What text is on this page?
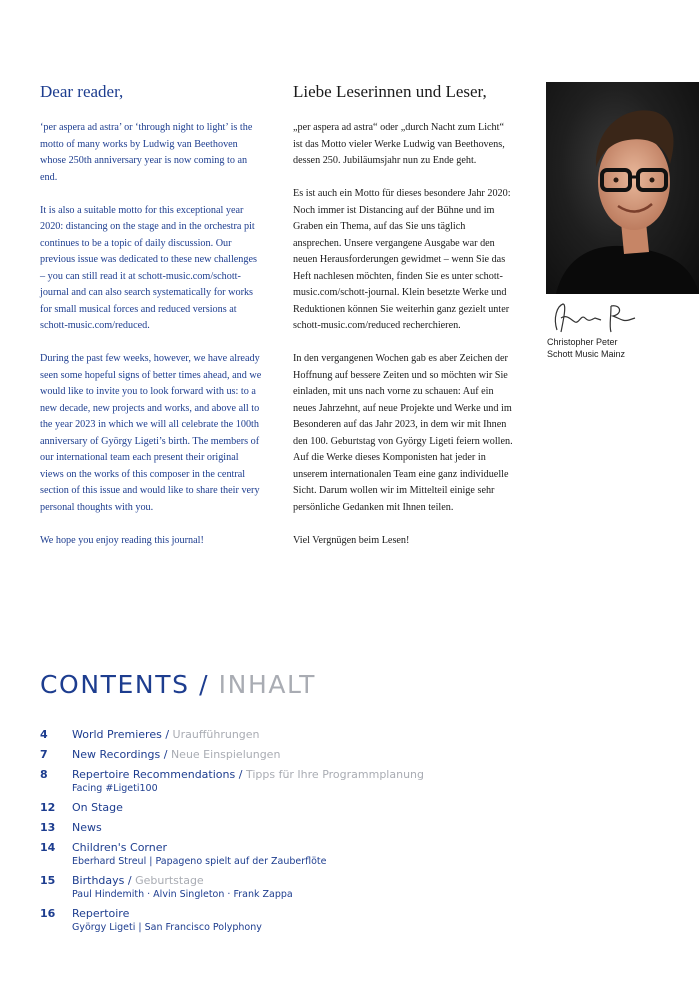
Dear reader,

‘per aspera ad astra’ or ‘through night to light’ is the motto of many works by Ludwig van Beethoven whose 250th anniversary year is now coming to an end.

It is also a suitable motto for this exceptional year 2020: distancing on the stage and in the orchestra pit continues to be a topic of daily discussion. Our previous issue was dedicated to these new challenges – you can still read it at schott-music.com/schott-journal and can also search systematically for works for small musical forces and reduced versions at schott-music.com/reduced.

During the past few weeks, however, we have already seen some hopeful signs of better times ahead, and we would like to invite you to look forward with us: to a new decade, new projects and works, and above all to the year 2023 in which we will all celebrate the 100th anniversary of György Ligeti’s birth. The members of our international team each present their original views on the works of this composer in the central section of this issue and would like to share their very personal thoughts with you.

We hope you enjoy reading this journal!

Liebe Leserinnen und Leser,

„per aspera ad astra“ oder „durch Nacht zum Licht“ ist das Motto vieler Werke Ludwig van Beethovens, dessen 250. Jubiläumsjahr nun zu Ende geht.

Es ist auch ein Motto für dieses besondere Jahr 2020: Noch immer ist Distancing auf der Bühne und im Graben ein Thema, auf das Sie uns täglich ansprechen. Unsere vergangene Ausgabe war den neuen Herausforderungen gewidmet – wenn Sie das Heft nachlesen möchten, finden Sie es unter schott-music.com/schott-journal. Klein besetzte Werke und Reduktionen können Sie weiterhin ganz gezielt unter schott-music.com/reduced recherchieren.

In den vergangenen Wochen gab es aber Zeichen der Hoffnung auf bessere Zeiten und so möchten wir Sie einladen, mit uns nach vorne zu schauen: Auf ein neues Jahrzehnt, auf neue Projekte und Werke und im Besonderen auf das Jahr 2023, in dem wir mit Ihnen den 100. Geburtstag von György Ligeti feiern wollen. Auf die Werke dieses Komponisten hat jeder in unserem internationalen Team eine ganz individuelle Sicht. Darum wollen wir im Mittelteil einige sehr persönliche Gedanken mit Ihnen teilen.

Viel Vergnügen beim Lesen!

Christopher Peter
Schott Music Mainz
CONTENTS / INHALT
4	World Premieres / Uraufführungen
7	New Recordings / Neue Einspielungen
8	Repertoire Recommendations / Tipps für Ihre Programmplanung
Facing #Ligeti100
12	On Stage
13	News
14	Children's Corner
Eberhard Streul | Papageno spielt auf der Zauberflöte
15	Birthdays / Geburtstage
Paul Hindemith · Alvin Singleton · Frank Zappa
16	Repertoire
György Ligeti | San Francisco Polyphony
